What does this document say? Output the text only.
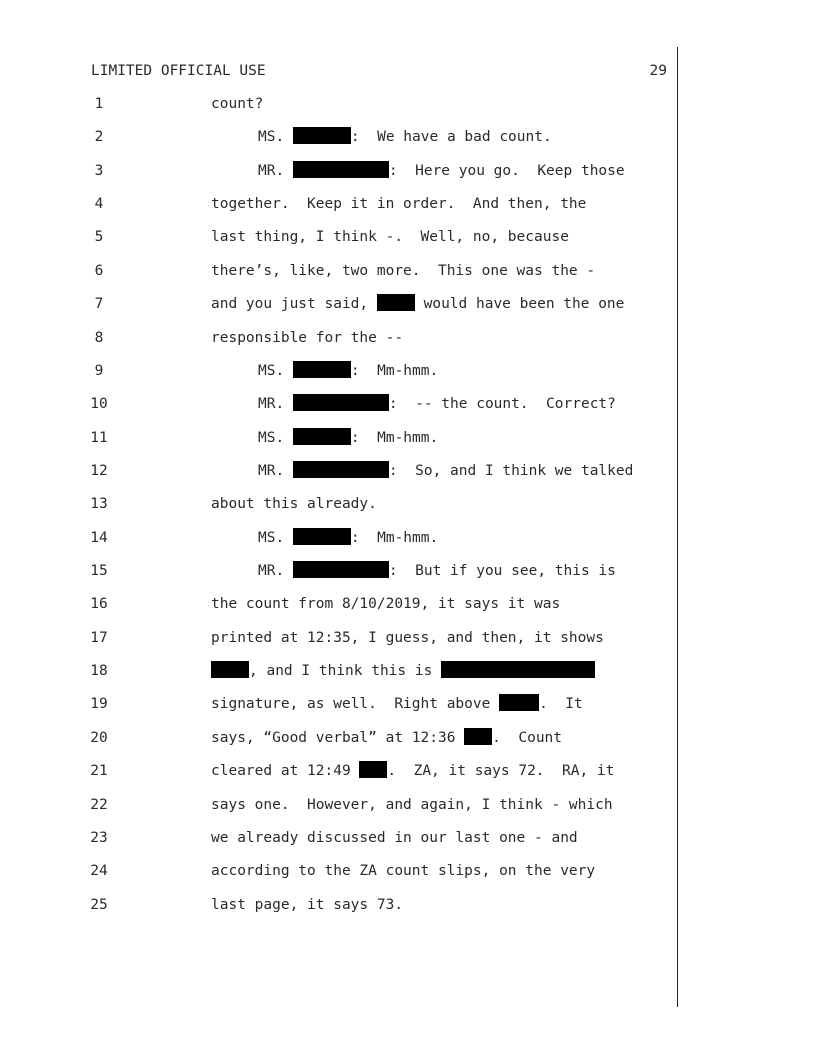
LIMITED OFFICIAL USE	29
1	count?
2	MS.	:  We have a bad count.
3	MR.	:  Here you go.  Keep those
4	together.  Keep it in order.  And then, the
5	last thing, I think -.  Well, no, because
6	there’s, like, two more.  This one was the -
7	and you just said,	would have been the one
8	responsible for the --
9	MS.	:  Mm-hmm.
10	MR.	:  -- the count.  Correct?
11	MS.	:  Mm-hmm.
12	MR.	:  So, and I think we talked
13	about this already.
14	MS.	:  Mm-hmm.
15	MR.	:  But if you see, this is
16	the count from 8/10/2019, it says it was
17	printed at 12:35, I guess, and then, it shows
18	, and I think this is
19	signature, as well.  Right above	.  It
20	says, “Good verbal” at 12:36 .  Count
21	cleared at 12:49 .  ZA, it says 72.  RA, it
22	says one.  However, and again, I think - which
23	we already discussed in our last one - and
24	according to the ZA count slips, on the very
25	last page, it says 73.
